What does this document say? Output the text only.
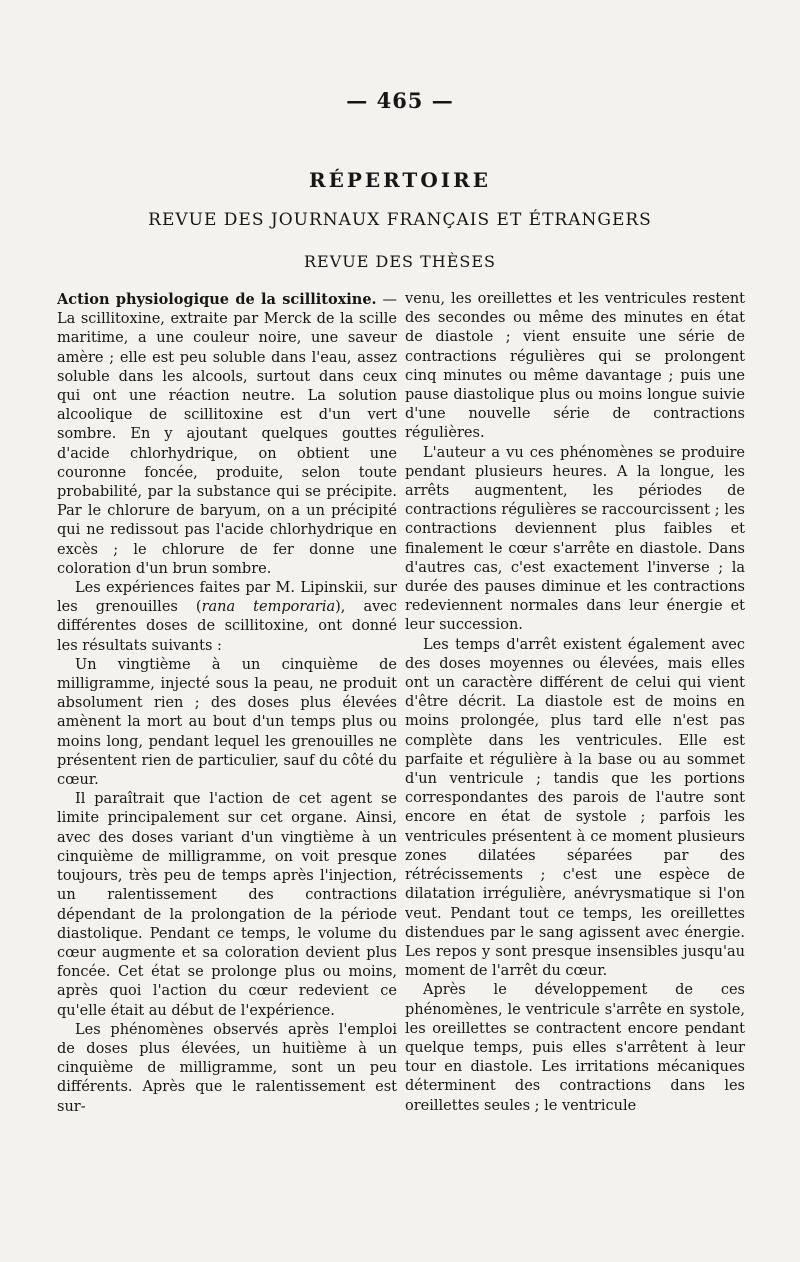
— 465 —
RÉPERTOIRE
REVUE DES JOURNAUX FRANÇAIS ET ÉTRANGERS
REVUE DES THÈSES

Action physiologique de la scillitoxine. — La scillitoxine, extraite par Merck de la scille maritime, a une couleur noire, une saveur amère ; elle est peu soluble dans l'eau, assez soluble dans les alcools, surtout dans ceux qui ont une réaction neutre. La solution alcoolique de scillitoxine est d'un vert sombre. En y ajoutant quelques gouttes d'acide chlorhydrique, on obtient une couronne foncée, produite, selon toute probabilité, par la substance qui se précipite. Par le chlorure de baryum, on a un précipité qui ne redissout pas l'acide chlorhydrique en excès ; le chlorure de fer donne une coloration d'un brun sombre.

Les expériences faites par M. Lipinskii, sur les grenouilles (rana temporaria), avec différentes doses de scillitoxine, ont donné les résultats suivants :

Un vingtième à un cinquième de milligramme, injecté sous la peau, ne produit absolument rien ; des doses plus élevées amènent la mort au bout d'un temps plus ou moins long, pendant lequel les grenouilles ne présentent rien de particulier, sauf du côté du cœur.

Il paraîtrait que l'action de cet agent se limite principalement sur cet organe. Ainsi, avec des doses variant d'un vingtième à un cinquième de milligramme, on voit presque toujours, très peu de temps après l'injection, un ralentissement des contractions dépendant de la prolongation de la période diastolique. Pendant ce temps, le volume du cœur augmente et sa coloration devient plus foncée. Cet état se prolonge plus ou moins, après quoi l'action du cœur redevient ce qu'elle était au début de l'expérience.

Les phénomènes observés après l'emploi de doses plus élevées, un huitième à un cinquième de milligramme, sont un peu différents. Après que le ralentissement est sur-

venu, les oreillettes et les ventricules restent des secondes ou même des minutes en état de diastole ; vient ensuite une série de contractions régulières qui se prolongent cinq minutes ou même davantage ; puis une pause diastolique plus ou moins longue suivie d'une nouvelle série de contractions régulières.

L'auteur a vu ces phénomènes se produire pendant plusieurs heures. A la longue, les arrêts augmentent, les périodes de contractions régulières se raccourcissent ; les contractions deviennent plus faibles et finalement le cœur s'arrête en diastole. Dans d'autres cas, c'est exactement l'inverse ; la durée des pauses diminue et les contractions redeviennent normales dans leur énergie et leur succession.

Les temps d'arrêt existent également avec des doses moyennes ou élevées, mais elles ont un caractère différent de celui qui vient d'être décrit. La diastole est de moins en moins prolongée, plus tard elle n'est pas complète dans les ventricules. Elle est parfaite et régulière à la base ou au sommet d'un ventricule ; tandis que les portions correspondantes des parois de l'autre sont encore en état de systole ; parfois les ventricules présentent à ce moment plusieurs zones dilatées séparées par des rétrécissements ; c'est une espèce de dilatation irrégulière, anévrysmatique si l'on veut. Pendant tout ce temps, les oreillettes distendues par le sang agissent avec énergie. Les repos y sont presque insensibles jusqu'au moment de l'arrêt du cœur.

Après le développement de ces phénomènes, le ventricule s'arrête en systole, les oreillettes se contractent encore pendant quelque temps, puis elles s'arrêtent à leur tour en diastole. Les irritations mécaniques déterminent des contractions dans les oreillettes seules ; le ventricule
